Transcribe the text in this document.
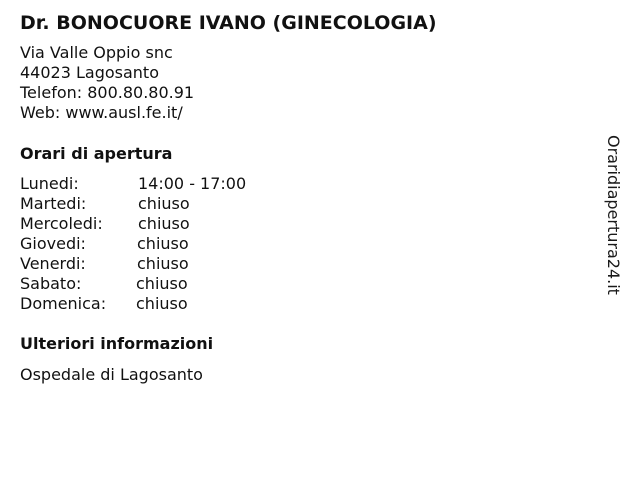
Dr. BONOCUORE IVANO (GINECOLOGIA)
Via Valle Oppio snc
44023 Lagosanto
Telefon: 800.80.80.91
Web: www.ausl.fe.it/
Orari di apertura
Lunedi:	14:00 - 17:00
Martedi:	chiuso
Mercoledi: chiuso
Giovedi:	chiuso
Venerdi:	chiuso
Sabato:	chiuso
Domenica: chiuso
Ulteriori informazioni
Ospedale di Lagosanto
Oraridiapertura24.it
